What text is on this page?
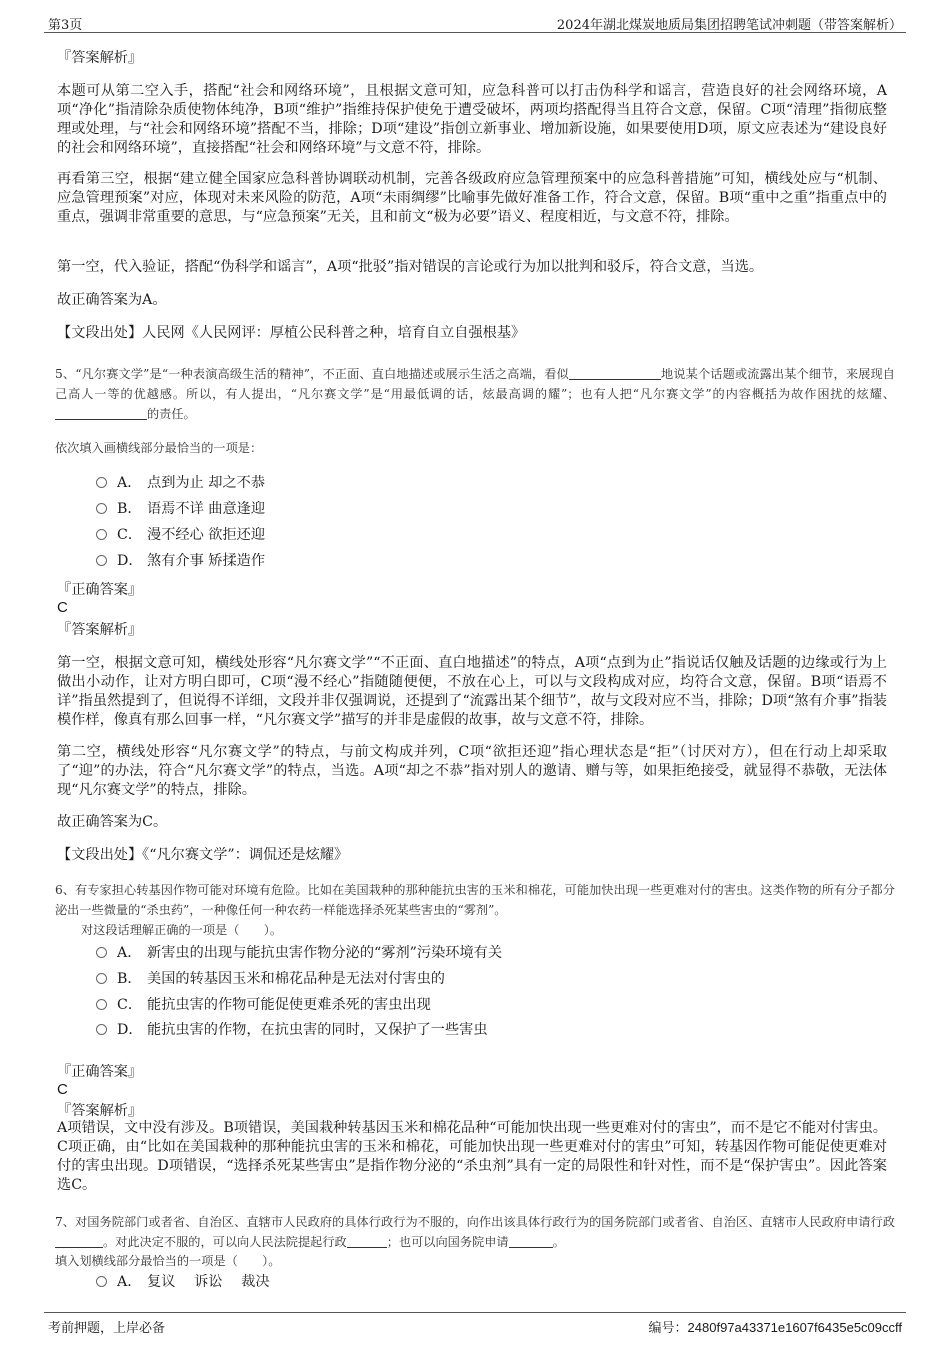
第3页	2024年湖北煤炭地质局集团招聘笔试冲刺题（带答案解析）
『答案解析』
本题可从第二空入手，搭配“社会和网络环境”，且根据文意可知，应急科普可以打击伪科学和谣言，营造良好的社会网络环境，A项“净化”指清除杂质使物体纯净，B项“维护”指维持保护使免于遭受破坏，两项均搭配得当且符合文意，保留。C项“清理”指彻底整理或处理，与“社会和网络环境”搭配不当，排除；D项“建设”指创立新事业、增加新设施，如果要使用D项，原文应表述为“建设良好的社会和网络环境”，直接搭配“社会和网络环境”与文意不符，排除。
再看第三空，根据“建立健全国家应急科普协调联动机制，完善各级政府应急管理预案中的应急科普措施”可知，横线处应与“机制、应急管理预案”对应，体现对未来风险的防范，A项“未雨绸缪”比喻事先做好准备工作，符合文意，保留。B项“重中之重”指重点中的重点，强调非常重要的意思，与“应急预案”无关，且和前文“极为必要”语义、程度相近，与文意不符，排除。
第一空，代入验证，搭配“伪科学和谣言”，A项“批驳”指对错误的言论或行为加以批判和驳斥，符合文意，当选。
故正确答案为A。
【文段出处】人民网《人民网评：厚植公民科普之种，培育自立自强根基》
5、“凡尔赛文学”是“一种表演高级生活的精神”，不正面、直白地描述或展示生活之高端，看似	地说某个话题或流露出某个细节，来展现自己高人一等的优越感。所以，有人提出，“凡尔赛文学”是“用最低调的话，炫最高调的耀”；也有人把“凡尔赛文学”的内容概括为故作困扰的炫耀、的责任。
依次填入画横线部分最恰当的一项是：
A． 点到为止 却之不恭
B． 语焉不详 曲意逢迎
C． 漫不经心 欲拒还迎
D． 煞有介事 矫揉造作
『正确答案』
C
『答案解析』
第一空，根据文意可知，横线处形容“凡尔赛文学”“不正面、直白地描述”的特点，A项“点到为止”指说话仅触及话题的边缘或行为上做出小动作，让对方明白即可，C项“漫不经心”指随随便便，不放在心上，可以与文段构成对应，均符合文意，保留。B项“语焉不详”指虽然提到了，但说得不详细，文段并非仅强调说，还提到了“流露出某个细节”，故与文段对应不当，排除；D项“煞有介事”指装模作样，像真有那么回事一样，“凡尔赛文学”描写的并非是虚假的故事，故与文意不符，排除。
第二空，横线处形容“凡尔赛文学”的特点，与前文构成并列，C项“欲拒还迎”指心理状态是“拒”（讨厌对方），但在行动上却采取了“迎”的办法，符合“凡尔赛文学”的特点，当选。A项“却之不恭”指对别人的邀请、赠与等，如果拒绝接受，就显得不恭敬，无法体现“凡尔赛文学”的特点，排除。
故正确答案为C。
【文段出处】《“凡尔赛文学”：调侃还是炫耀》
6、有专家担心转基因作物可能对环境有危险。比如在美国栽种的那种能抗虫害的玉米和棉花，可能加快出现一些更难对付的害虫。这类作物的所有分子都分泌出一些微量的“杀虫药”，一种像任何一种农药一样能选择杀死某些害虫的“雾剂”。
对这段话理解正确的一项是（　　）。
A． 新害虫的出现与能抗虫害作物分泌的“雾剂”污染环境有关
B． 美国的转基因玉米和棉花品种是无法对付害虫的
C． 能抗虫害的作物可能促使更难杀死的害虫出现
D． 能抗虫害的作物，在抗虫害的同时，又保护了一些害虫
『正确答案』
C
『答案解析』
A项错误，文中没有涉及。B项错误，美国栽种转基因玉米和棉花品种“可能加快出现一些更难对付的害虫”，而不是它不能对付害虫。C项正确，由“比如在美国栽种的那种能抗虫害的玉米和棉花，可能加快出现一些更难对付的害虫”可知，转基因作物可能促使更难对付的害虫出现。D项错误，“选择杀死某些害虫”是指作物分泌的“杀虫剂”具有一定的局限性和针对性，而不是“保护害虫”。因此答案选C。
7、对国务院部门或者省、自治区、直辖市人民政府的具体行政行为不服的，向作出该具体行政行为的国务院部门或者省、自治区、直辖市人民政府申请行政。对此决定不服的，可以向人民法院提起行政	；也可以向国务院申请	。
填入划横线部分最恰当的一项是（　　）。
A． 复议　 诉讼　 裁决
考前押题，上岸必备	编号：2480f97a43371e1607f6435e5c09ccff
